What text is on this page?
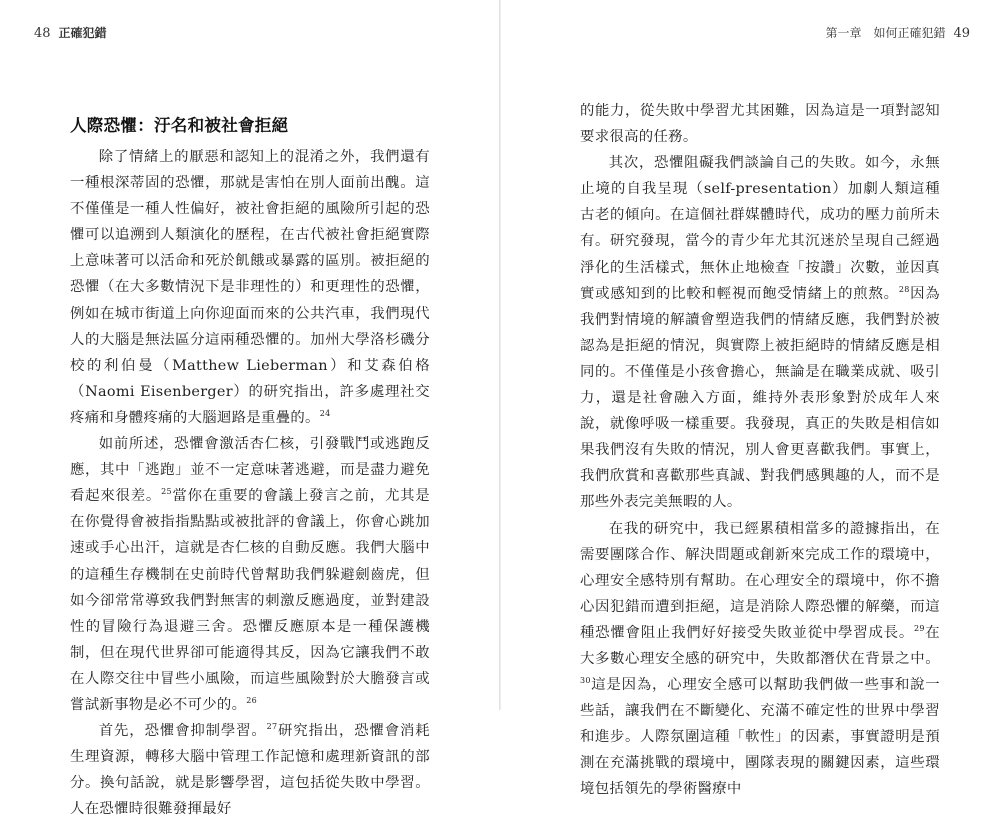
48 正確犯錯
人際恐懼：汙名和被社會拒絕

除了情緒上的厭惡和認知上的混淆之外，我們還有一種根深蒂固的恐懼，那就是害怕在別人面前出醜。這不僅僅是一種人性偏好，被社會拒絕的風險所引起的恐懼可以追溯到人類演化的歷程，在古代被社會拒絕實際上意味著可以活命和死於飢餓或暴露的區別。被拒絕的恐懼（在大多數情況下是非理性的）和更理性的恐懼，例如在城市街道上向你迎面而來的公共汽車，我們現代人的大腦是無法區分這兩種恐懼的。加州大學洛杉磯分校的利伯曼（Matthew Lieberman）和艾森伯格（Naomi Eisenberger）的研究指出，許多處理社交疼痛和身體疼痛的大腦迴路是重疊的。$^{24}$

如前所述，恐懼會激活杏仁核，引發戰鬥或逃跑反應，其中「逃跑」並不一定意味著逃避，而是盡力避免看起來很差。$^{25}$當你在重要的會議上發言之前，尤其是在你覺得會被指指點點或被批評的會議上，你會心跳加速或手心出汗，這就是杏仁核的自動反應。我們大腦中的這種生存機制在史前時代曾幫助我們躲避劍齒虎，但如今卻常常導致我們對無害的刺激反應過度，並對建設性的冒險行為退避三舍。恐懼反應原本是一種保護機制，但在現代世界卻可能適得其反，因為它讓我們不敢在人際交往中冒些小風險，而這些風險對於大膽發言或嘗試新事物是必不可少的。$^{26}$

首先，恐懼會抑制學習。$^{27}$研究指出，恐懼會消耗生理資源，轉移大腦中管理工作記憶和處理新資訊的部分。換句話說，就是影響學習，這包括從失敗中學習。人在恐懼時很難發揮最好

第一章　如何正確犯錯 49

的能力，從失敗中學習尤其困難，因為這是一項對認知要求很高的任務。

其次，恐懼阻礙我們談論自己的失敗。如今，永無止境的自我呈現（self-presentation）加劇人類這種古老的傾向。在這個社群媒體時代，成功的壓力前所未有。研究發現，當今的青少年尤其沉迷於呈現自己經過淨化的生活樣式，無休止地檢查「按讚」次數，並因真實或感知到的比較和輕視而飽受情緒上的煎熬。$^{28}$因為我們對情境的解讀會塑造我們的情緒反應，我們對於被認為是拒絕的情況，與實際上被拒絕時的情緒反應是相同的。不僅僅是小孩會擔心，無論是在職業成就、吸引力，還是社會融入方面，維持外表形象對於成年人來說，就像呼吸一樣重要。我發現，真正的失敗是相信如果我們沒有失敗的情況，別人會更喜歡我們。事實上，我們欣賞和喜歡那些真誠、對我們感興趣的人，而不是那些外表完美無暇的人。

在我的研究中，我已經累積相當多的證據指出，在需要團隊合作、解決問題或創新來完成工作的環境中，心理安全感特別有幫助。在心理安全的環境中，你不擔心因犯錯而遭到拒絕，這是消除人際恐懼的解藥，而這種恐懼會阻止我們好好接受失敗並從中學習成長。$^{29}$在大多數心理安全感的研究中，失敗都潛伏在背景之中。$^{30}$這是因為，心理安全感可以幫助我們做一些事和說一些話，讓我們在不斷變化、充滿不確定性的世界中學習和進步。人際氛圍這種「軟性」的因素，事實證明是預測在充滿挑戰的環境中，團隊表現的關鍵因素，這些環境包括領先的學術醫療中
